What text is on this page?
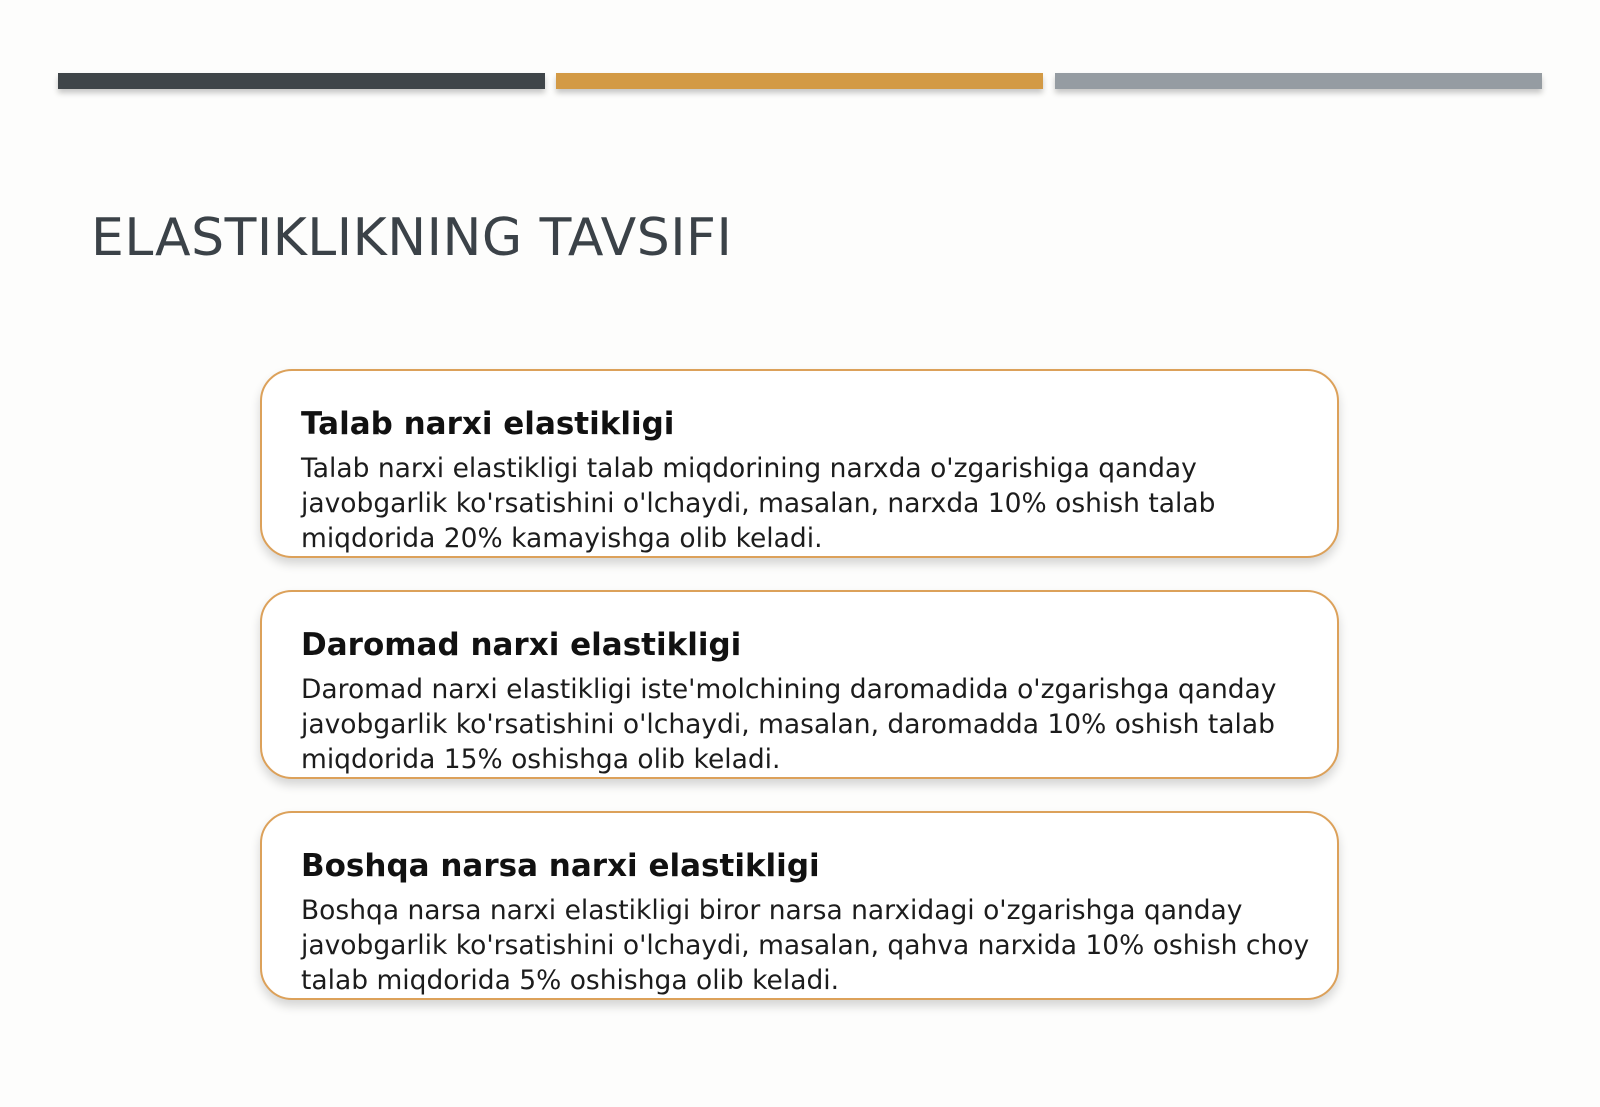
ELASTIKLIKNING TAVSIFI
Talab narxi elastikligi
Talab narxi elastikligi talab miqdorining narxda o'zgarishiga qanday javobgarlik ko'rsatishini o'lchaydi, masalan, narxda 10% oshish talab miqdorida 20% kamayishga olib keladi.
Daromad narxi elastikligi
Daromad narxi elastikligi iste'molchining daromadida o'zgarishga qanday javobgarlik ko'rsatishini o'lchaydi, masalan, daromadda 10% oshish talab miqdorida 15% oshishga olib keladi.
Boshqa narsa narxi elastikligi
Boshqa narsa narxi elastikligi biror narsa narxidagi o'zgarishga qanday javobgarlik ko'rsatishini o'lchaydi, masalan, qahva narxida 10% oshish choy talab miqdorida 5% oshishga olib keladi.
